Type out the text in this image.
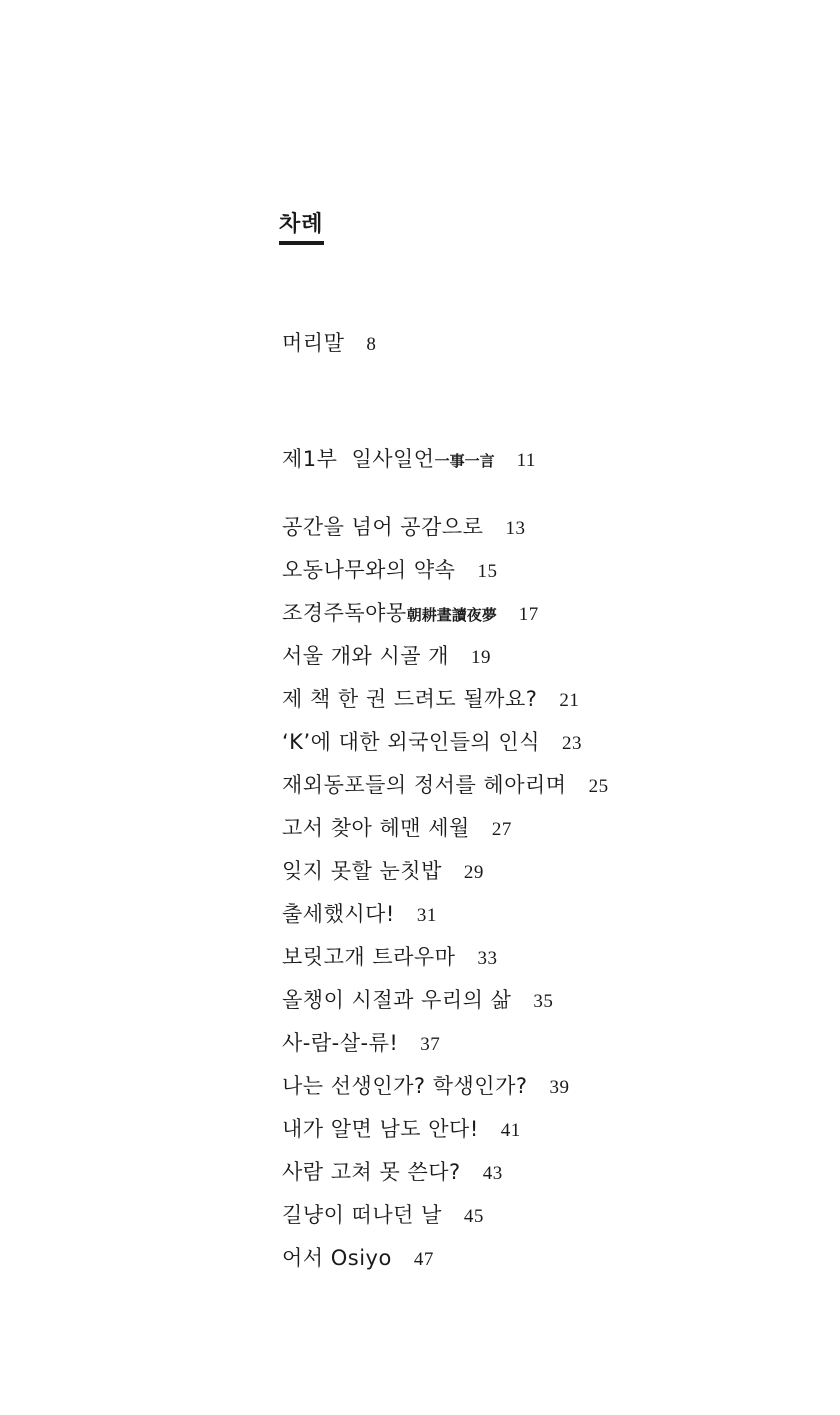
차례
머리말 8
제1부 일사일언一事一言 11
공간을 넘어 공감으로 13
오동나무와의 약속 15
조경주독야몽朝耕晝讀夜夢 17
서울 개와 시골 개 19
제 책 한 권 드려도 될까요? 21
‘K’에 대한 외국인들의 인식 23
재외동포들의 정서를 헤아리며 25
고서 찾아 헤맨 세월 27
잊지 못할 눈칫밥 29
출세했시다! 31
보릿고개 트라우마 33
올챙이 시절과 우리의 삶 35
사-람-살-류! 37
나는 선생인가? 학생인가? 39
내가 알면 남도 안다! 41
사람 고쳐 못 쓴다? 43
길냥이 떠나던 날 45
어서 Osiyo 47
